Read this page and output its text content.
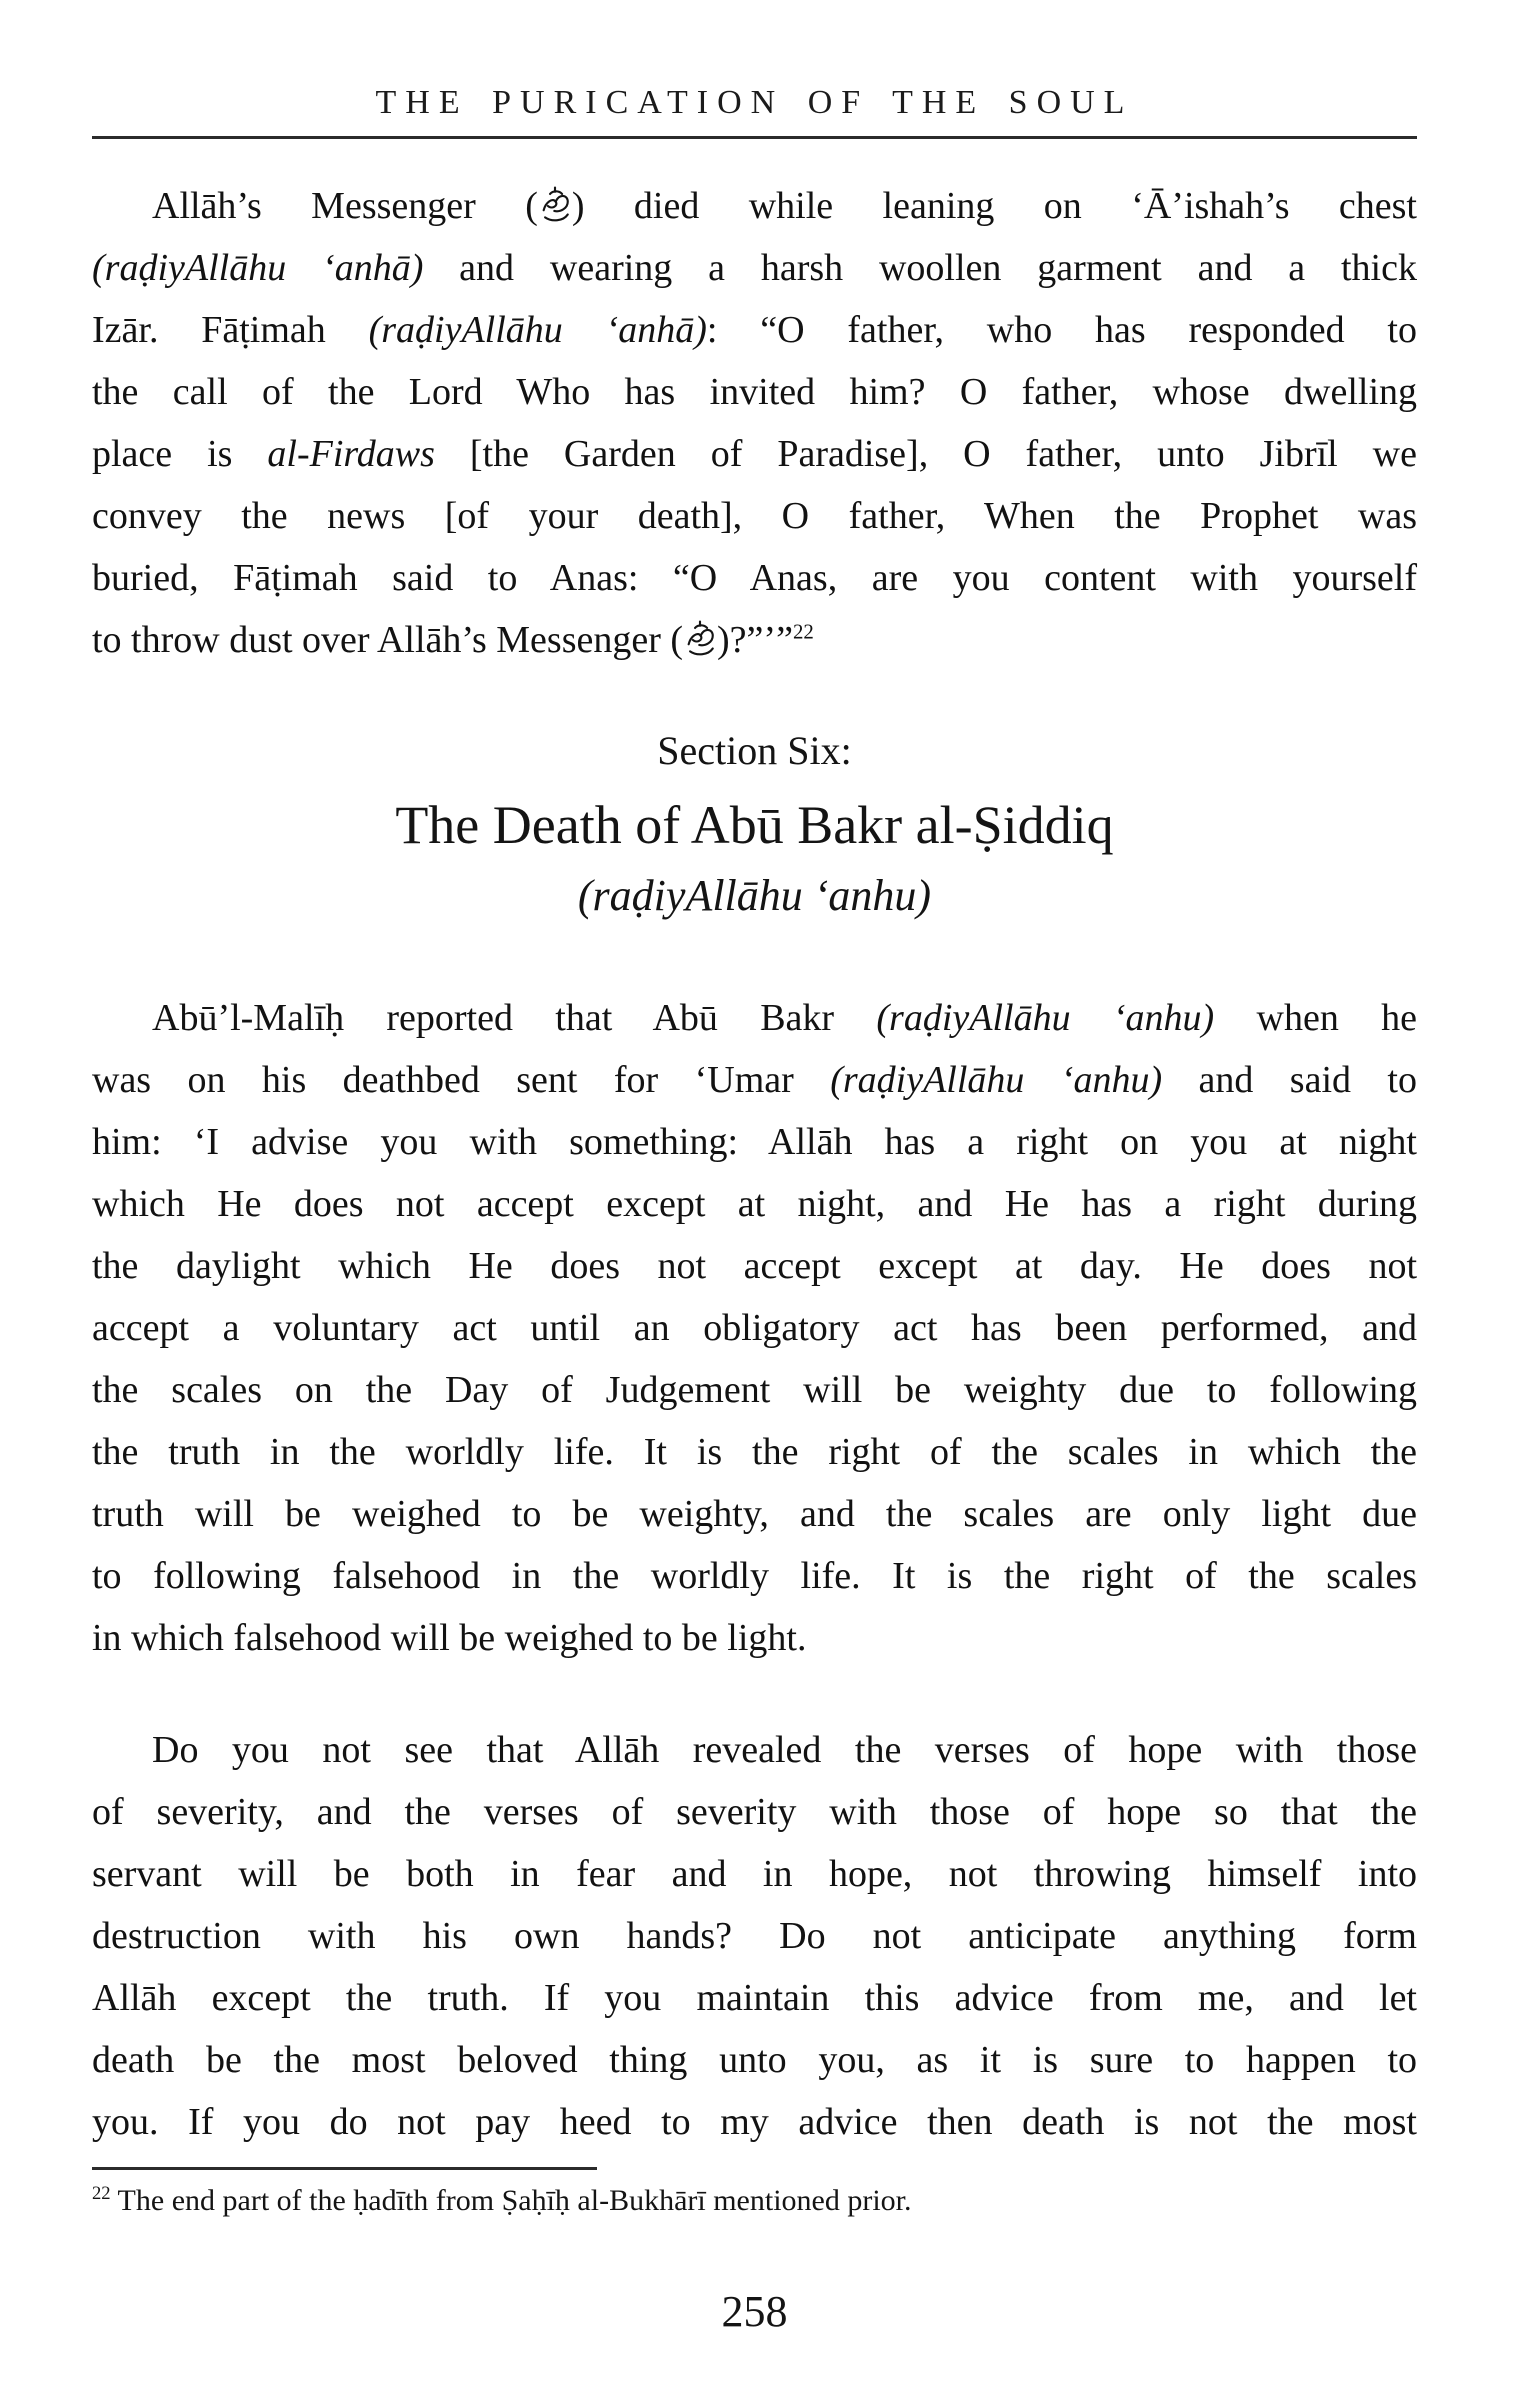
THE PURICATION OF THE SOUL
Allāh’s Messenger ( ) died while leaning on ‘Ā’ishah’s chest
(raḍiyAllāhu ‘anhā) and wearing a harsh woollen garment and a thick
Izār. Fāṭimah (raḍiyAllāhu ‘anhā): “O father, who has responded to
the call of the Lord Who has invited him? O father, whose dwelling
place is al-Firdaws [the Garden of Paradise], O father, unto Jibrīl we
convey the news [of your death], O father, When the Prophet was
buried, Fāṭimah said to Anas: “O Anas, are you content with yourself
to throw dust over Allāh’s Messenger ( )?”’”$^{22}$
Section Six:
The Death of Abū Bakr al-Ṣiddiq
(raḍiyAllāhu ‘anhu)
Abū’l-Malīḥ reported that Abū Bakr (raḍiyAllāhu ‘anhu) when he
was on his deathbed sent for ‘Umar (raḍiyAllāhu ‘anhu) and said to
him: ‘I advise you with something: Allāh has a right on you at night
which He does not accept except at night, and He has a right during
the daylight which He does not accept except at day. He does not
accept a voluntary act until an obligatory act has been performed, and
the scales on the Day of Judgement will be weighty due to following
the truth in the worldly life. It is the right of the scales in which the
truth will be weighed to be weighty, and the scales are only light due
to following falsehood in the worldly life. It is the right of the scales
in which falsehood will be weighed to be light.
Do you not see that Allāh revealed the verses of hope with those
of severity, and the verses of severity with those of hope so that the
servant will be both in fear and in hope, not throwing himself into
destruction with his own hands? Do not anticipate anything form
Allāh except the truth. If you maintain this advice from me, and let
death be the most beloved thing unto you, as it is sure to happen to
you. If you do not pay heed to my advice then death is not the most
$^{22}$ The end part of the ḥadīth from Ṣaḥīḥ al-Bukhārī mentioned prior.
258
